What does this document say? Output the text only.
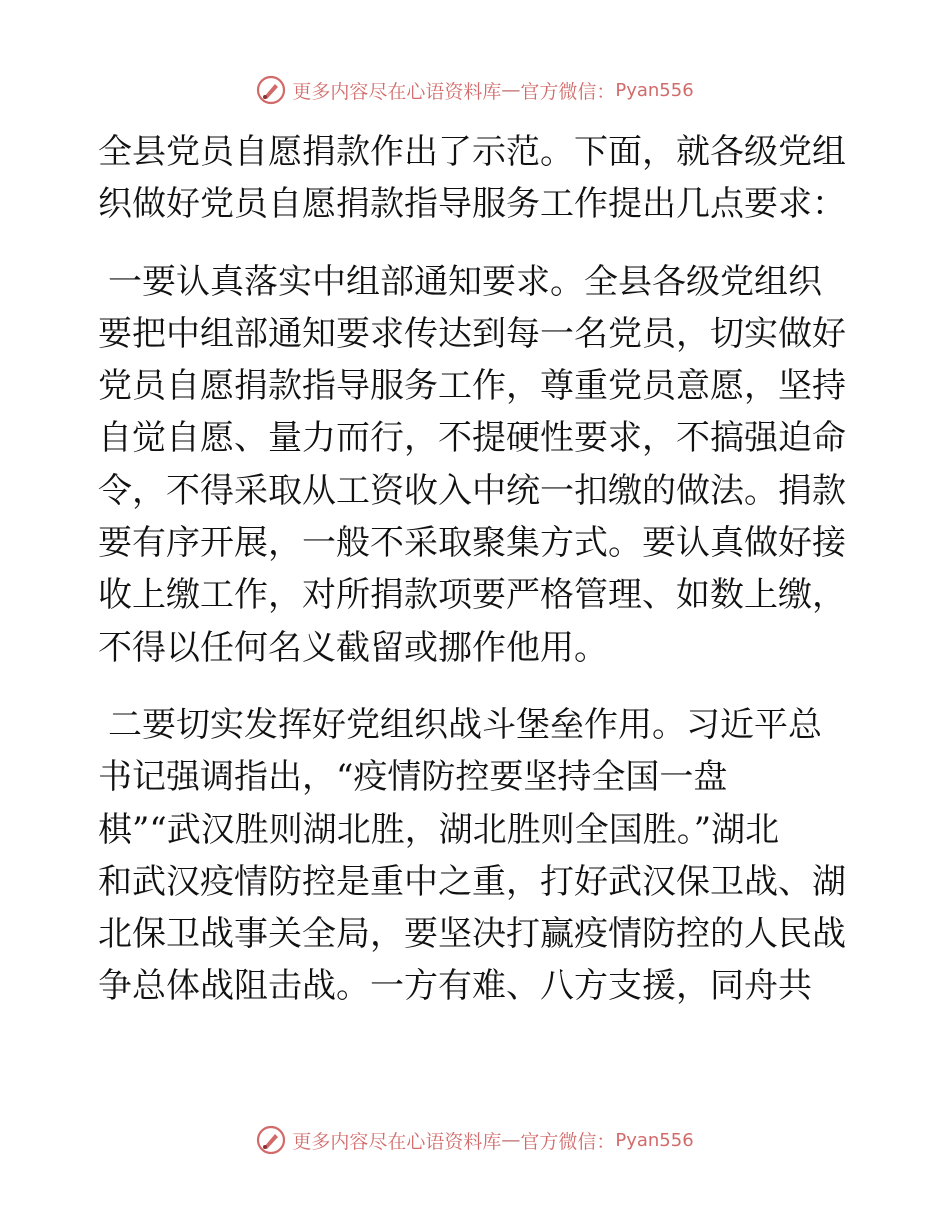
更多内容尽在心语资料库 — 官方微信： Pyan556
全县党员自愿捐款作出了示范。下面，就各级党组
织做好党员自愿捐款指导服务工作提出几点要求：
一要认真落实中组部通知要求。全县各级党组织
要把中组部通知要求传达到每一名党员，切实做好
党员自愿捐款指导服务工作，尊重党员意愿，坚持
自觉自愿、量力而行，不提硬性要求，不搞强迫命
令，不得采取从工资收入中统一扣缴的做法。捐款
要有序开展，一般不采取聚集方式。要认真做好接
收上缴工作，对所捐款项要严格管理、如数上缴，
不得以任何名义截留或挪作他用。
二要切实发挥好党组织战斗堡垒作用。习近平总
书记强调指出，“疫情防控要坚持全国一盘
棋”“武汉胜则湖北胜，湖北胜则全国胜。”湖北
和武汉疫情防控是重中之重，打好武汉保卫战、湖
北保卫战事关全局，要坚决打赢疫情防控的人民战
争总体战阻击战。一方有难、八方支援，同舟共
更多内容尽在心语资料库 — 官方微信： Pyan556
